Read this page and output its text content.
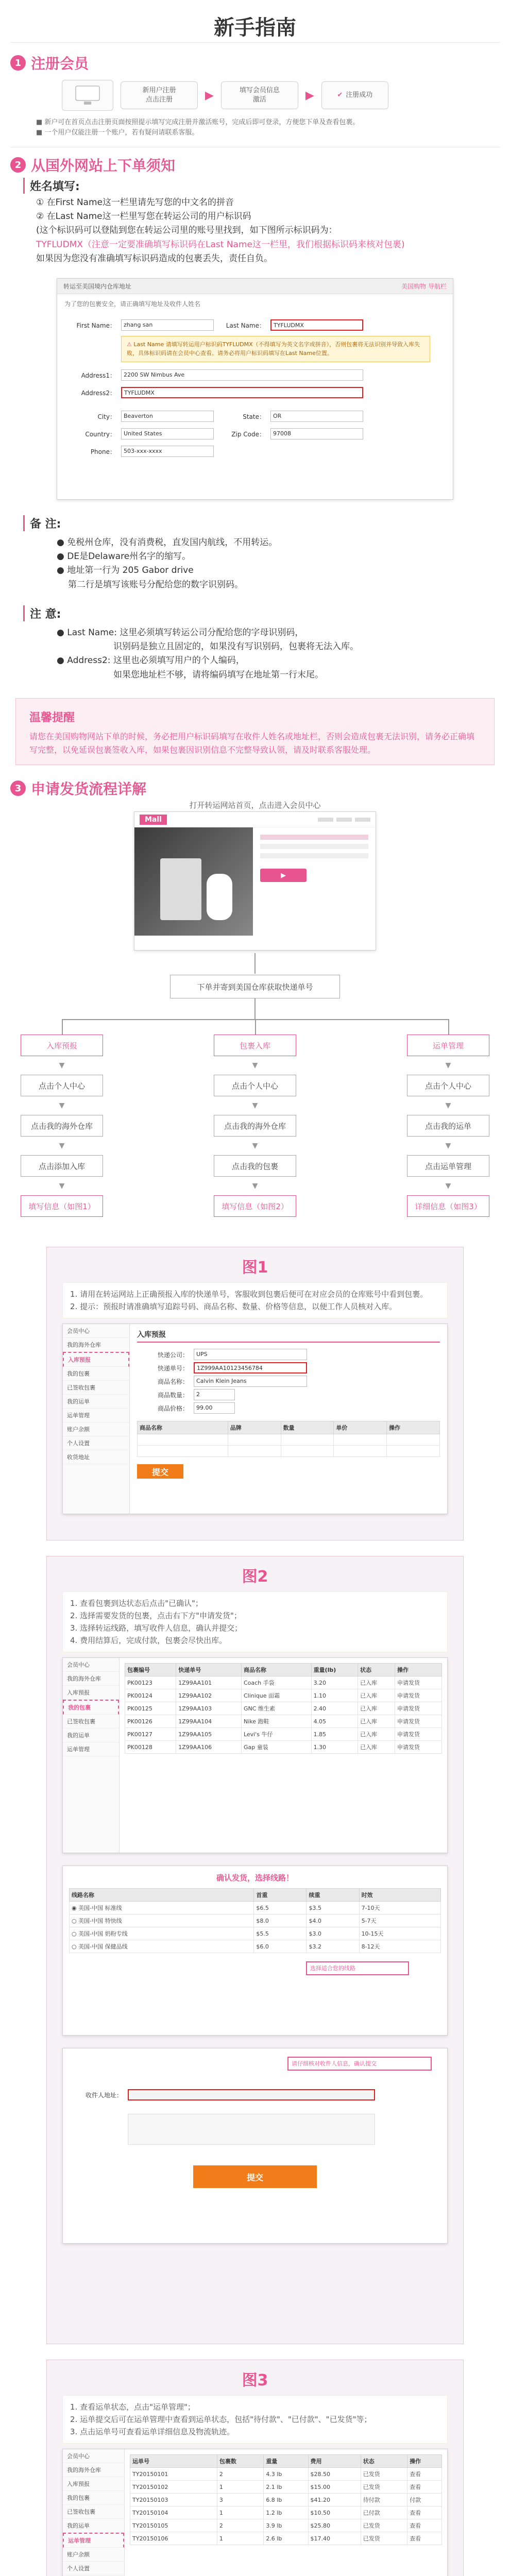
新手指南
1 注册会员
新用户注册
点击注册	▶	填写会员信息
激活	▶	✔ 注册成功
■ 新户可在首页点击注册页面按照提示填写完成注册并激活账号，完成后即可登录，方便您下单及查看包裹。
■ 一个用户仅能注册一个账户，若有疑问请联系客服。
2 从国外网站上下单须知
姓名填写:
① 在First Name这一栏里请先写您的中文名的拼音
② 在Last Name这一栏里写您在转运公司的用户标识码
(这个标识码可以登陆到您在转运公司里的账号里找到，如下图所示标识码为：
TYFLUDMX（注意一定要准确填写标识码在Last Name这一栏里，我们根据标识码来核对包裹)
如果因为您没有准确填写标识码造成的包裹丢失，责任自负。
转运至美国境内仓库地址	美国购物 导航栏
为了您的包裹安全，请正确填写地址及收件人姓名
First Name：	zhang san	Last Name：	TYFLUDMX
⚠ Last Name 请填写转运用户标识码TYFLUDMX（不得填写为英文名字或拼音），否则包裹将无法识别并导致入库失败，具体标识码请在会员中心查看。请务必将用户标识码填写在Last Name位置。
Address1：	2200 SW Nimbus Ave
Address2：	TYFLUDMX
City：	Beaverton	State：	OR
Country：	United States	Zip Code：	97008
Phone：	503-xxx-xxxx
备 注:
● 免税州仓库，没有消费税，直发国内航线，不用转运。
● DE是Delaware州名字的缩写。
● 地址第一行为 205 Gabor drive
第二行是填写该账号分配给您的数字识别码。
注 意:
● Last Name: 这里必须填写转运公司分配给您的字母识别码，
识别码是独立且固定的，如果没有写识别码，包裹将无法入库。
● Address2: 这里也必须填写用户的个人编码，
如果您地址栏不够，请将编码填写在地址第一行末尾。
温馨提醒
请您在美国购物网站下单的时候，务必把用户标识码填写在收件人姓名或地址栏，否则会造成包裹无法识别，请务必正确填写完整，以免延误包裹签收入库，如果包裹因识别信息不完整导致认领，请及时联系客服处理。
3 申请发货流程详解
Mall
▶
打开转运网站首页，点击进入会员中心
下单并寄到美国仓库获取快递单号
入库预报
▼
点击个人中心
▼
点击我的海外仓库
▼
点击添加入库
▼
填写信息（如图1）
包裹入库
▼
点击个人中心
▼
点击我的海外仓库
▼
点击我的包裹
▼
填写信息（如图2）
运单管理
▼
点击个人中心
▼
点击我的运单
▼
点击运单管理
▼
详细信息（如图3）
图1
1. 请用在转运网站上正确预报入库的快递单号，客服收到包裹后便可在对应会员的仓库账号中看到包裹。
2. 提示：预报时请准确填写追踪号码、商品名称、数量、价格等信息，以便工作人员核对入库。
会员中心
我的海外仓库
入库预报
我的包裹
已签收包裹
我的运单
运单管理
账户余额
个人设置
收货地址
入库预报
快递公司：	UPS
快递单号：	1Z999AA10123456784
商品名称：	Calvin Klein Jeans
商品数量：	2
商品价格：	99.00
商品名称	品牌	数量	单价	操作

提交
图2
1. 查看包裹到达状态后点击"已确认"；
2. 选择需要发货的包裹，点击右下方"申请发货"；
3. 选择转运线路，填写收件人信息，确认并提交；
4. 费用结算后，完成付款，包裹会尽快出库。
会员中心
我的海外仓库
入库预报
我的包裹
已签收包裹
我的运单
运单管理
包裹编号	快递单号	商品名称	重量(lb)	状态	操作
PK00123	1Z99AA101	Coach 手袋	3.20	已入库	申请发货
PK00124	1Z99AA102	Clinique 面霜	1.10	已入库	申请发货
PK00125	1Z99AA103	GNC 维生素	2.40	已入库	申请发货
PK00126	1Z99AA104	Nike 跑鞋	4.05	已入库	申请发货
PK00127	1Z99AA105	Levi's 牛仔	1.85	已入库	申请发货
PK00128	1Z99AA106	Gap 童装	1.30	已入库	申请发货
确认发货，选择线路！
线路名称	首重	续重	时效
◉ 美国-中国 标准线	$6.5	$3.5	7-10天
○ 美国-中国 特快线	$8.0	$4.0	5-7天
○ 美国-中国 奶粉专线	$5.5	$3.0	10-15天
○ 美国-中国 保健品线	$6.0	$3.2	8-12天
选择适合您的线路
请仔细核对收件人信息，确认提交
收件人地址：
提交
图3
1. 查看运单状态，点击"运单管理"；
2. 运单提交后可在运单管理中查看到运单状态，包括"待付款"、"已付款"、"已发货"等；
3. 点击运单号可查看运单详细信息及物流轨迹。
会员中心
我的海外仓库
入库预报
我的包裹
已签收包裹
我的运单
运单管理
账户余额
个人设置
运单号	包裹数	重量	费用	状态	操作
TY20150101	2	4.3 lb	$28.50	已发货	查看
TY20150102	1	2.1 lb	$15.00	已发货	查看
TY20150103	3	6.8 lb	$41.20	待付款	付款
TY20150104	1	1.2 lb	$10.50	已付款	查看
TY20150105	2	3.9 lb	$25.80	已发货	查看
TY20150106	1	2.6 lb	$17.40	已发货	查看
